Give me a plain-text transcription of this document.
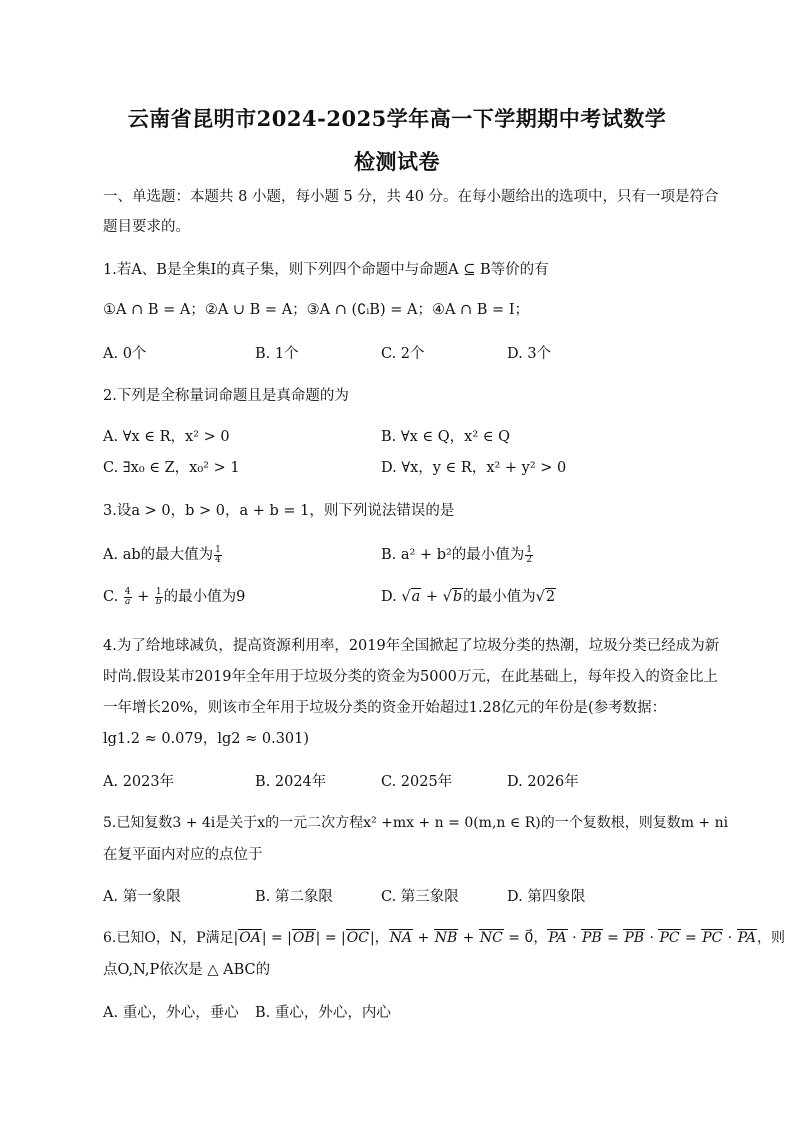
云南省昆明市2024-2025学年高一下学期期中考试数学
检测试卷
一、单选题：本题共 8 小题，每小题 5 分，共 40 分。在每小题给出的选项中，只有一项是符合
题目要求的。
1.若A、B是全集I的真子集，则下列四个命题中与命题A ⊆ B等价的有
①A ∩ B = A；②A ∪ B = A；③A ∩ (∁ᵢB) = A；④A ∩ B = I；
A. 0个	B. 1个	C. 2个	D. 3个
2.下列是全称量词命题且是真命题的为
A. ∀x ∈ R，x² > 0	B. ∀x ∈ Q，x² ∈ Q
C. ∃x₀ ∈ Z，x₀² > 1	D. ∀x，y ∈ R，x² + y² > 0
3.设a > 0，b > 0，a + b = 1，则下列说法错误的是
A. ab的最大值为 $\frac{1}{4}$	B. a² + b²的最小值为 $\frac{1}{2}$
C. $\frac{4}{a} + \frac{1}{b}$ 的最小值为9	D. √a + √b的最小值为√2
4.为了给地球减负，提高资源利用率，2019年全国掀起了垃圾分类的热潮，垃圾分类已经成为新
时尚.假设某市2019年全年用于垃圾分类的资金为5000万元，在此基础上，每年投入的资金比上
一年增长20%，则该市全年用于垃圾分类的资金开始超过1.28亿元的年份是(参考数据：
lg1.2 ≈ 0.079，lg2 ≈ 0.301)
A. 2023年	B. 2024年	C. 2025年	D. 2026年
5.已知复数3 + 4i是关于x的一元二次方程x² +mx + n = 0(m,n ∈ R)的一个复数根，则复数m + ni
在复平面内对应的点位于
A. 第一象限	B. 第二象限	C. 第三象限	D. 第四象限
6.已知O，N，P满足|OA| = |OB| = |OC|，NA + NB + NC = 0⃗，PA · PB = PB · PC = PC · PA，则
点O,N,P依次是 △ ABC的
A. 重心，外心，垂心 B. 重心，外心，内心
